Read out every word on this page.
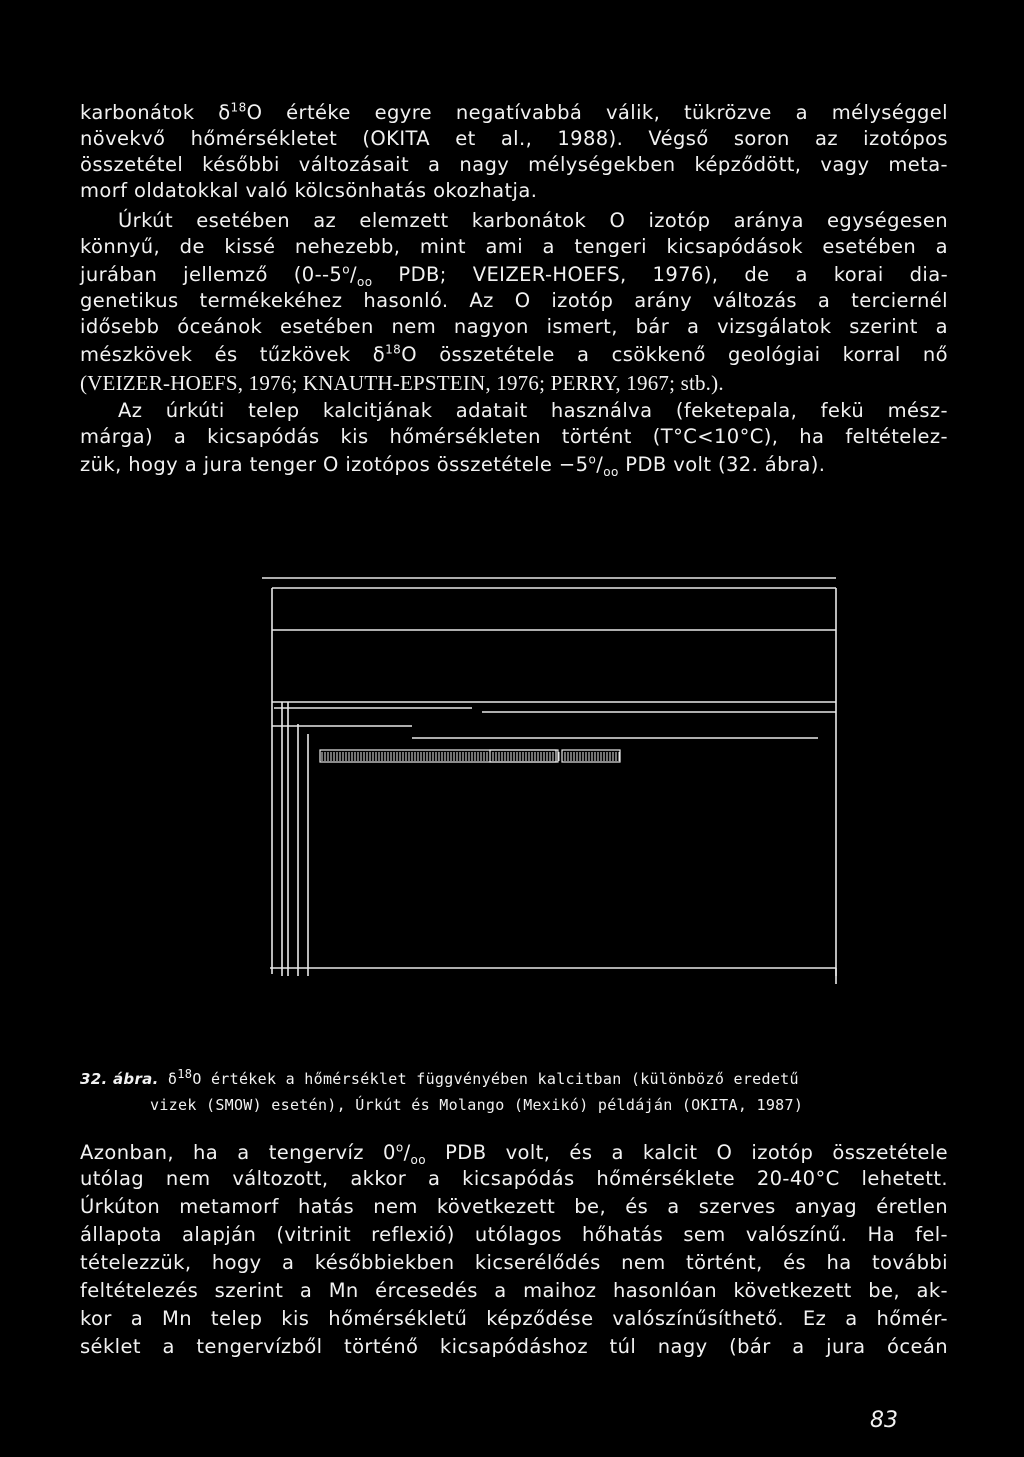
karbonátok $\delta^{18}O$ értéke egyre negatívabbá válik, tükrözve a mélységgel
növekvő hőmérsékletet (OKITA et al., 1988). Végső soron az izotópos
összetétel későbbi változásait a nagy mélységekben képződött, vagy meta-
morf oldatokkal való kölcsönhatás okozhatja.
Úrkút esetében az elemzett karbonátok O izotóp aránya egységesen
könnyű, de kissé nehezebb, mint ami a tengeri kicsapódások esetében a
jurában jellemző ($0--5^o/_{oo}$ PDB; VEIZER-HOEFS, 1976), de a korai dia-
genetikus termékekéhez hasonló. Az O izotóp arány változás a terciernél
idősebb óceánok esetében nem nagyon ismert, bár a vizsgálatok szerint a
mészkövek és tűzkövek $\delta^{18}O$ összetétele a csökkenő geológiai korral nő
(VEIZER-HOEFS, 1976; KNAUTH-EPSTEIN, 1976; PERRY, 1967; stb.).
Az úrkúti telep kalcitjának adatait használva (feketepala, fekü mész-
márga) a kicsapódás kis hőmérsékleten történt (T°C<10°C), ha feltételez-
zük, hogy a jura tenger O izotópos összetétele $-5^o/_{oo}$ PDB volt (32. ábra).
32. ábra. $\delta^{18}O$ értékek a hőmérséklet függvényében kalcitban (különböző eredetű
vizek (SMOW) esetén), Úrkút és Molango (Mexikó) példáján (OKITA, 1987)
Azonban, ha a tengervíz $0^o/_{oo}$ PDB volt, és a kalcit O izotóp összetétele
utólag nem változott, akkor a kicsapódás hőmérséklete 20-40°C lehetett.
Úrkúton metamorf hatás nem következett be, és a szerves anyag éretlen
állapota alapján (vitrinit reflexió) utólagos hőhatás sem valószínű. Ha fel-
tételezzük, hogy a későbbiekben kicserélődés nem történt, és ha további
feltételezés szerint a Mn ércesedés a maihoz hasonlóan következett be, ak-
kor a Mn telep kis hőmérsékletű képződése valószínűsíthető. Ez a hőmér-
séklet a tengervízből történő kicsapódáshoz túl nagy (bár a jura óceán
83
